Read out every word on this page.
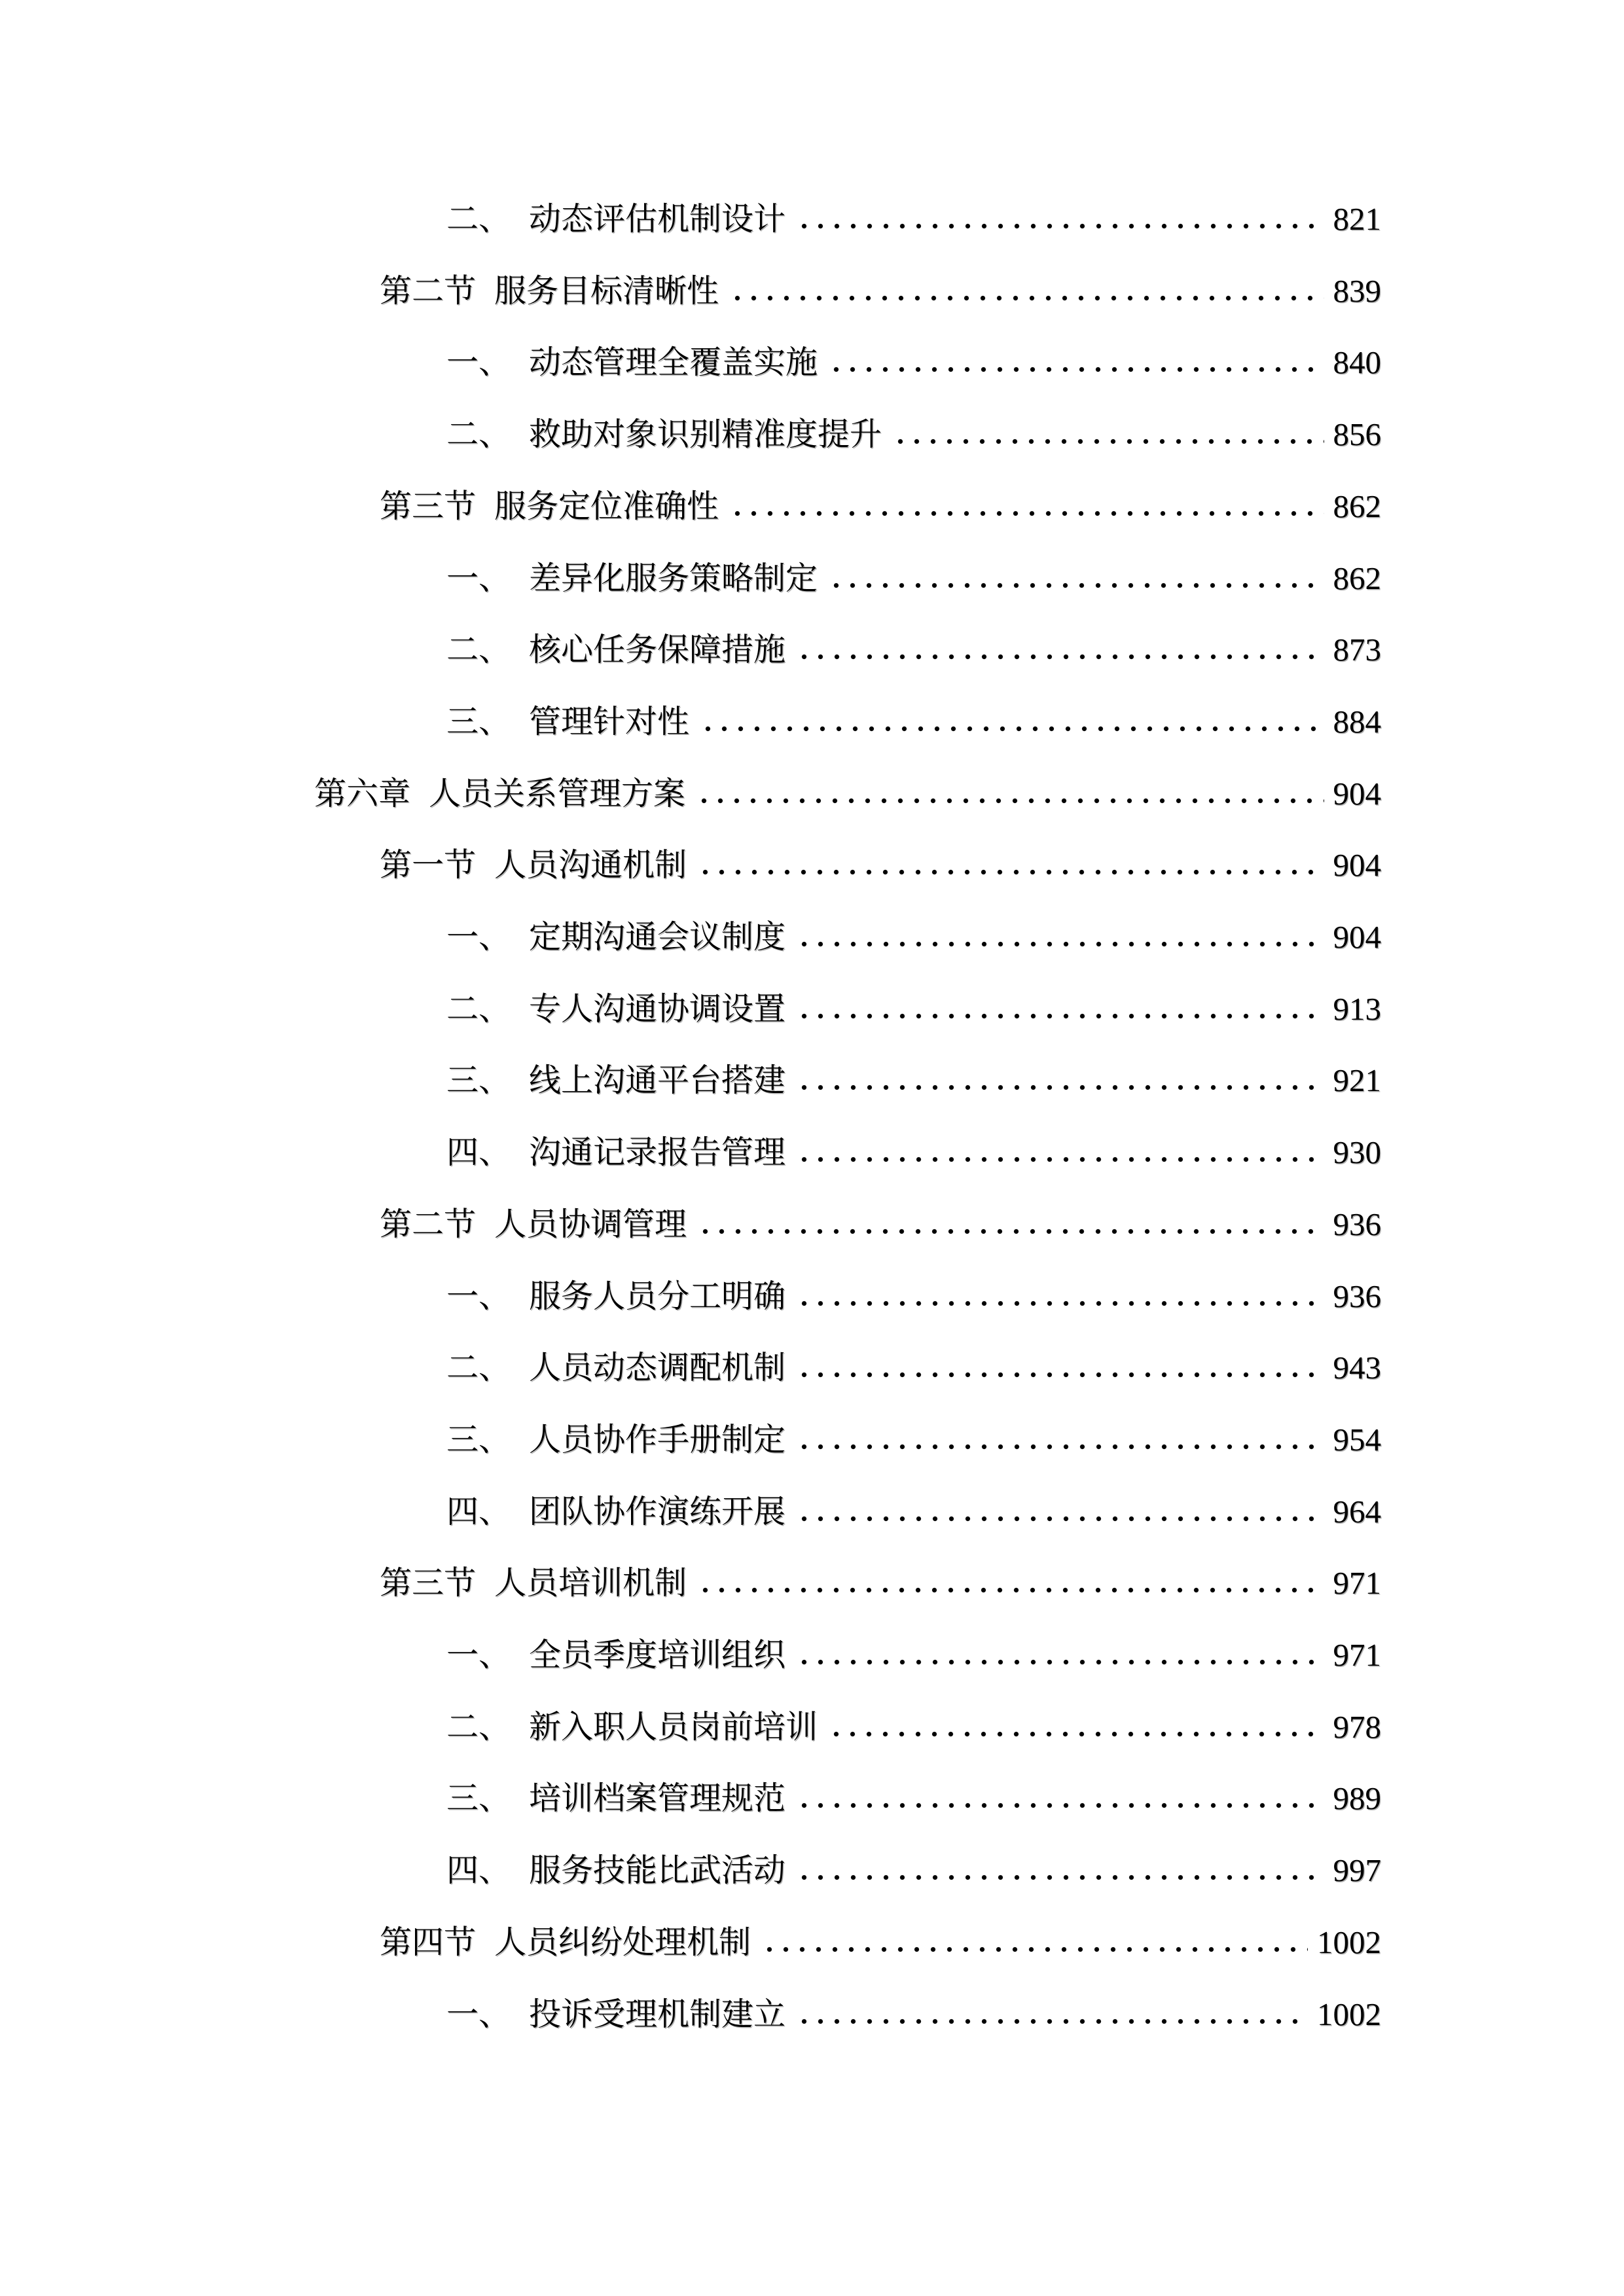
二、 动态评估机制设计	821
第二节 服务目标清晰性	839
一、 动态管理全覆盖实施	840
二、 救助对象识别精准度提升	856
第三节 服务定位准确性	862
一、 差异化服务策略制定	862
二、 核心任务保障措施	873
三、 管理针对性	884
第六章 人员关系管理方案	904
第一节 人员沟通机制	904
一、 定期沟通会议制度	904
二、 专人沟通协调设置	913
三、 线上沟通平台搭建	921
四、 沟通记录报告管理	930
第二节 人员协调管理	936
一、 服务人员分工明确	936
二、 人员动态调配机制	943
三、 人员协作手册制定	954
四、 团队协作演练开展	964
第三节 人员培训机制	971
一、 全员季度培训组织	971
二、 新入职人员岗前培训	978
三、 培训档案管理规范	989
四、 服务技能比武活动	997
第四节 人员纠纷处理机制	1002
一、 投诉受理机制建立	1002
